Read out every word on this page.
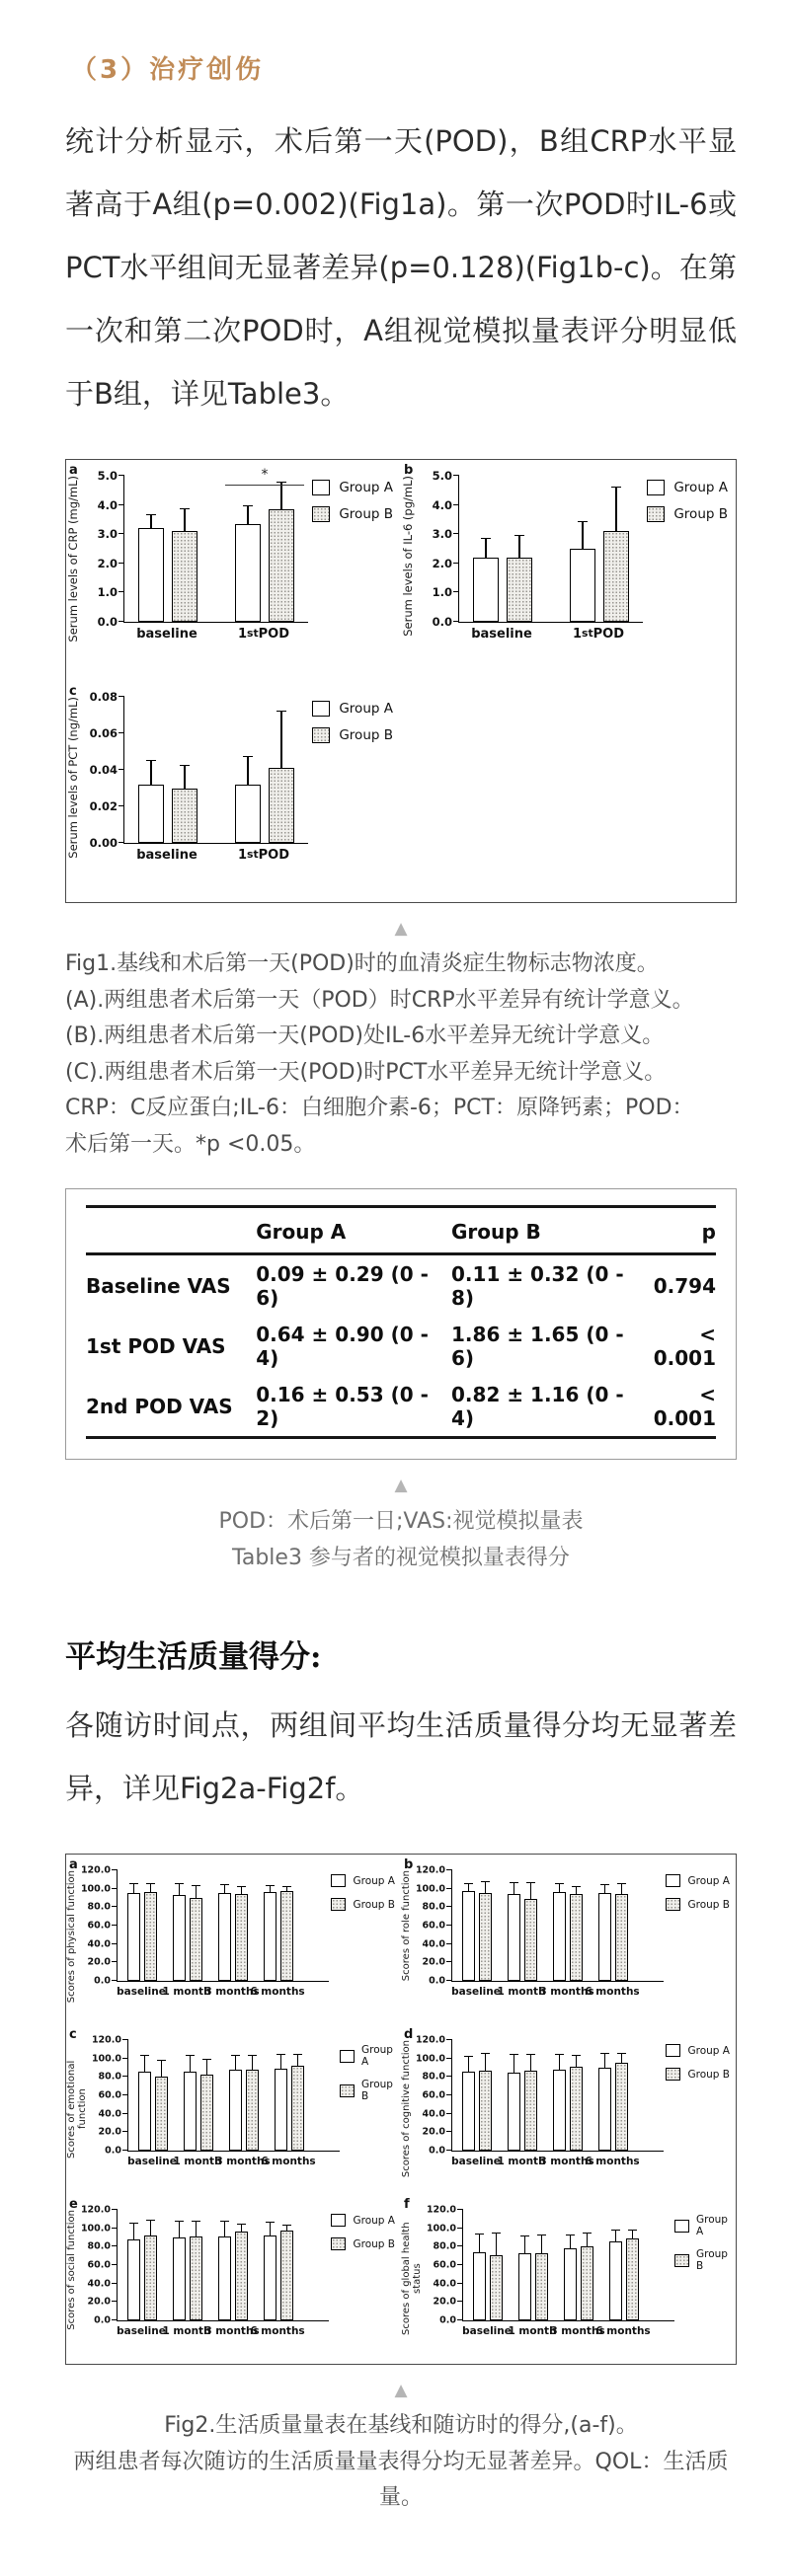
（3）治疗创伤

统计分析显示，术后第一天(POD)，B组CRP水平显著高于A组(p=0.002)(Fig1a)。第一次POD时IL-6或PCT水平组间无显著差异(p=0.128)(Fig1b-c)。在第一次和第二次POD时，A组视觉模拟量表评分明显低于B组，详见Table3。

a
Serum levels of CRP (mg/mL) 0.0
1.0
2.0
3.0
4.0
5.0	*
baseline	1 st POD
Group A
Group B
b
Serum levels of IL-6 (pg/mL) 0.0
1.0
2.0
3.0
4.0
5.0
baseline	1 st POD
Group A
Group B
c
Serum levels of PCT (ng/mL) 0.00
0.02
0.04
0.06
0.08
baseline	1 st POD
Group A
Group B
▲
Fig1.基线和术后第一天(POD)时的血清炎症生物标志物浓度。
(A).两组患者术后第一天（POD）时CRP水平差异有统计学意义。
(B).两组患者术后第一天(POD)处IL-6水平差异无统计学意义。
(C).两组患者术后第一天(POD)时PCT水平差异无统计学意义。
CRP：C反应蛋白;IL-6：白细胞介素-6；PCT：原降钙素；POD：
术后第一天。*p <0.05。
	Group A	Group B	p
Baseline VAS	0.09 ± 0.29 (0 - 6)	0.11 ± 0.32 (0 - 8)	0.794
1st POD VAS	0.64 ± 0.90 (0 - 4)	1.86 ± 1.65 (0 - 6)	< 0.001
2nd POD VAS	0.16 ± 0.53 (0 - 2)	0.82 ± 1.16 (0 - 4)	< 0.001
▲
POD：术后第一日;VAS:视觉模拟量表
Table3 参与者的视觉模拟量表得分
平均生活质量得分:

各随访时间点，两组间平均生活质量得分均无显著差异，详见Fig2a-Fig2f。

a
Scores of physical function 0.0
20.0
40.0
60.0
80.0
100.0
120.0
baseline
1 month
3 months
6 months
Group A
Group B
b
Scores of role function 0.0
20.0
40.0
60.0
80.0
100.0
120.0
baseline
1 month
3 months
6 months
Group A
Group B
c
Scores of emotional function
0.0
20.0
40.0
60.0
80.0
100.0
120.0
baseline
1 month
3 months
6 months
Group A
Group B
d
Scores of cognitive function 0.0
20.0
40.0
60.0
80.0
100.0
120.0
baseline
1 month
3 months
6 months
Group A
Group B
e
Scores of social function 0.0
20.0
40.0
60.0
80.0
100.0
120.0
baseline
1 month
3 months
6 months
Group A
Group B
f
Scores of global health status
0.0
20.0
40.0
60.0
80.0
100.0
120.0
baseline
1 month
3 months
6 months
Group A
Group B
▲
Fig2.生活质量量表在基线和随访时的得分,(a-f)。
两组患者每次随访的生活质量量表得分均无显著差异。QOL：生活质量。
